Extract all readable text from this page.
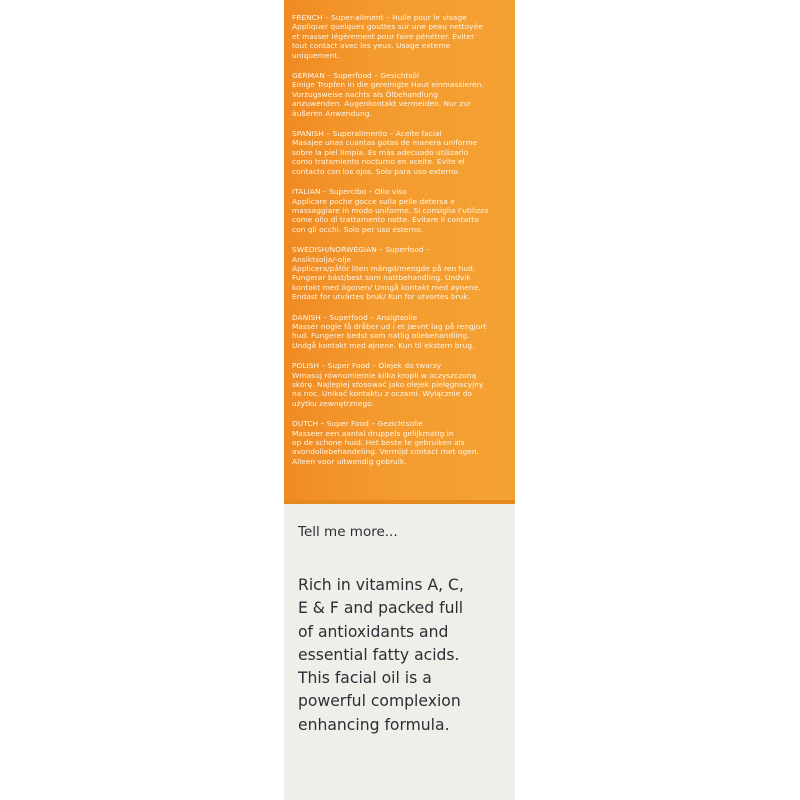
FRENCH – Super-aliment – Huile pour le visage
Appliquer quelques gouttes sur une peau nettoyée
et masser légèrement pour faire pénétrer. Éviter
tout contact avec les yeux. Usage externe
uniquement.
GERMAN – Superfood – Gesichtsöl
Einige Tropfen in die gereinigte Haut einmassieren.
Vorzugsweise nachts als Ölbehandlung
anzuwenden. Augenkontakt vermeiden. Nur zur
äußeren Anwendung.
SPANISH – Superalimento – Aceite facial
Masajee unas cuantas gotas de manera uniforme
sobre la piel limpia. Es más adecuado utilizarlo
como tratamiento nocturno en aceite. Evite el
contacto con los ojos. Solo para uso externo.
ITALIAN – Supercibo – Olio viso
Applicare poche gocce sulla pelle detersa e
massaggiare in modo uniforme. Si consiglia l'utilizzo
come olio di trattamento notte. Evitare il contatto
con gli occhi. Solo per uso esterno.
SWEDISH/NORWEGIAN – Superfood –
Ansiktsolja/-olje
Applicera/påför liten mängd/mengde på ren hud.
Fungerar bäst/best som nattbehandling. Undvik
kontakt med ögonen/ Unngå kontakt med øynene.
Endast for utvärtes bruk/ Kun for utvortes bruk.
DANISH – Superfood – Ansigtsolie
Massér nogle få dråber ud i et jævnt lag på rengjort
hud. Fungerer bedst som natlig oliebehandling.
Undgå kontakt med øjnene. Kun til ekstern brug.
POLISH – Super Food – Olejek do twarzy
Wmasuj równomiernie kilka kropli w oczyszczoną
skórę. Najlepiej stosować jako olejek pielęgnacyjny
na noc. Unikać kontaktu z oczami. Wyłącznie do
użytku zewnętrznego.
DUTCH – Super Food – Gezichtsolie
Masseer een aantal druppels gelijkmatig in
op de schone huid. Het beste te gebruiken als
avondoliebehandeling. Vermijd contact met ogen.
Alleen voor uitwendig gebruik.
Tell me more...
Rich in vitamins A, C,
E & F and packed full
of antioxidants and
essential fatty acids.
This facial oil is a
powerful complexion
enhancing formula.
